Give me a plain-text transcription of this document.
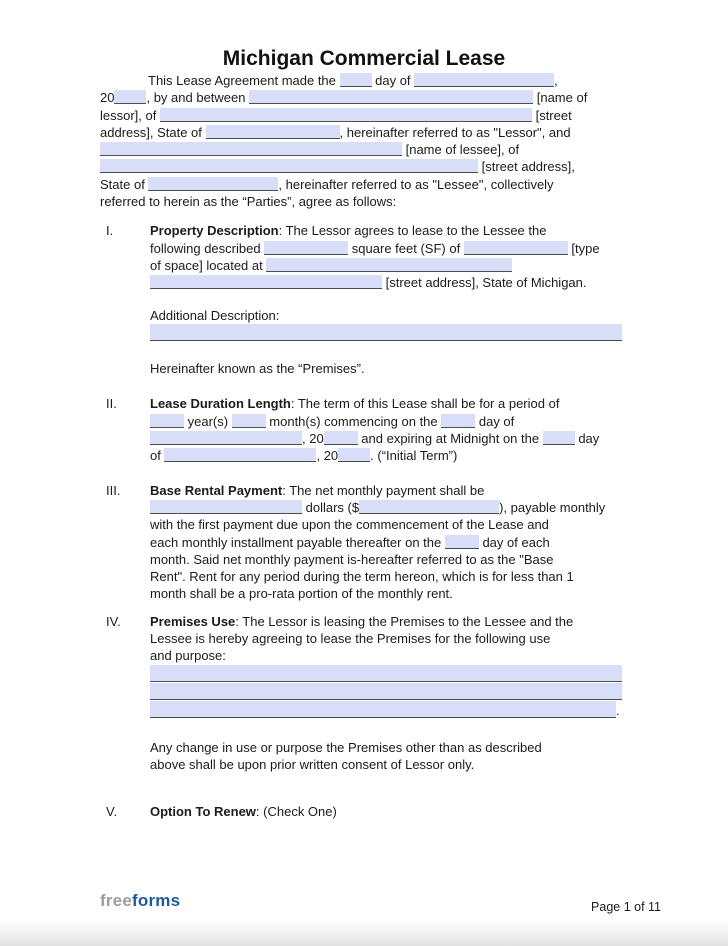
Michigan Commercial Lease

This Lease Agreement made the  day of	,
20 , by and between	[name of
lessor], of	[street
address], State of	, hereinafter referred to as "Lessor", and
[name of lessee], of
[street address],
State of	, hereinafter referred to as "Lessee", collectively
referred to herein as the “Parties”, agree as follows:

I.	Property Description: The Lessor agrees to lease to the Lessee the
following described	square feet (SF) of	[type
of space] located at
[street address], State of Michigan.

Additional Description:

Hereinafter known as the “Premises”.

II.	Lease Duration Length: The term of this Lease shall be for a period of
year(s)	month(s) commencing on the	day of
, 20	and expiring at Midnight on the  day
of	, 20 . (“Initial Term”)

III.	Base Rental Payment: The net monthly payment shall be
dollars ($	), payable monthly
with the first payment due upon the commencement of the Lease and
each monthly installment payable thereafter on the	day of each
month. Said net monthly payment is-hereafter referred to as the "Base
Rent". Rent for any period during the term hereon, which is for less than 1
month shall be a pro-rata portion of the monthly rent.

IV.	Premises Use: The Lessor is leasing the Premises to the Lessee and the
Lessee is hereby agreeing to lease the Premises for the following use
and purpose:

.

Any change in use or purpose the Premises other than as described
above shall be upon prior written consent of Lessor only.

V.	Option To Renew: (Check One)

freeforms	Page 1 of 11
